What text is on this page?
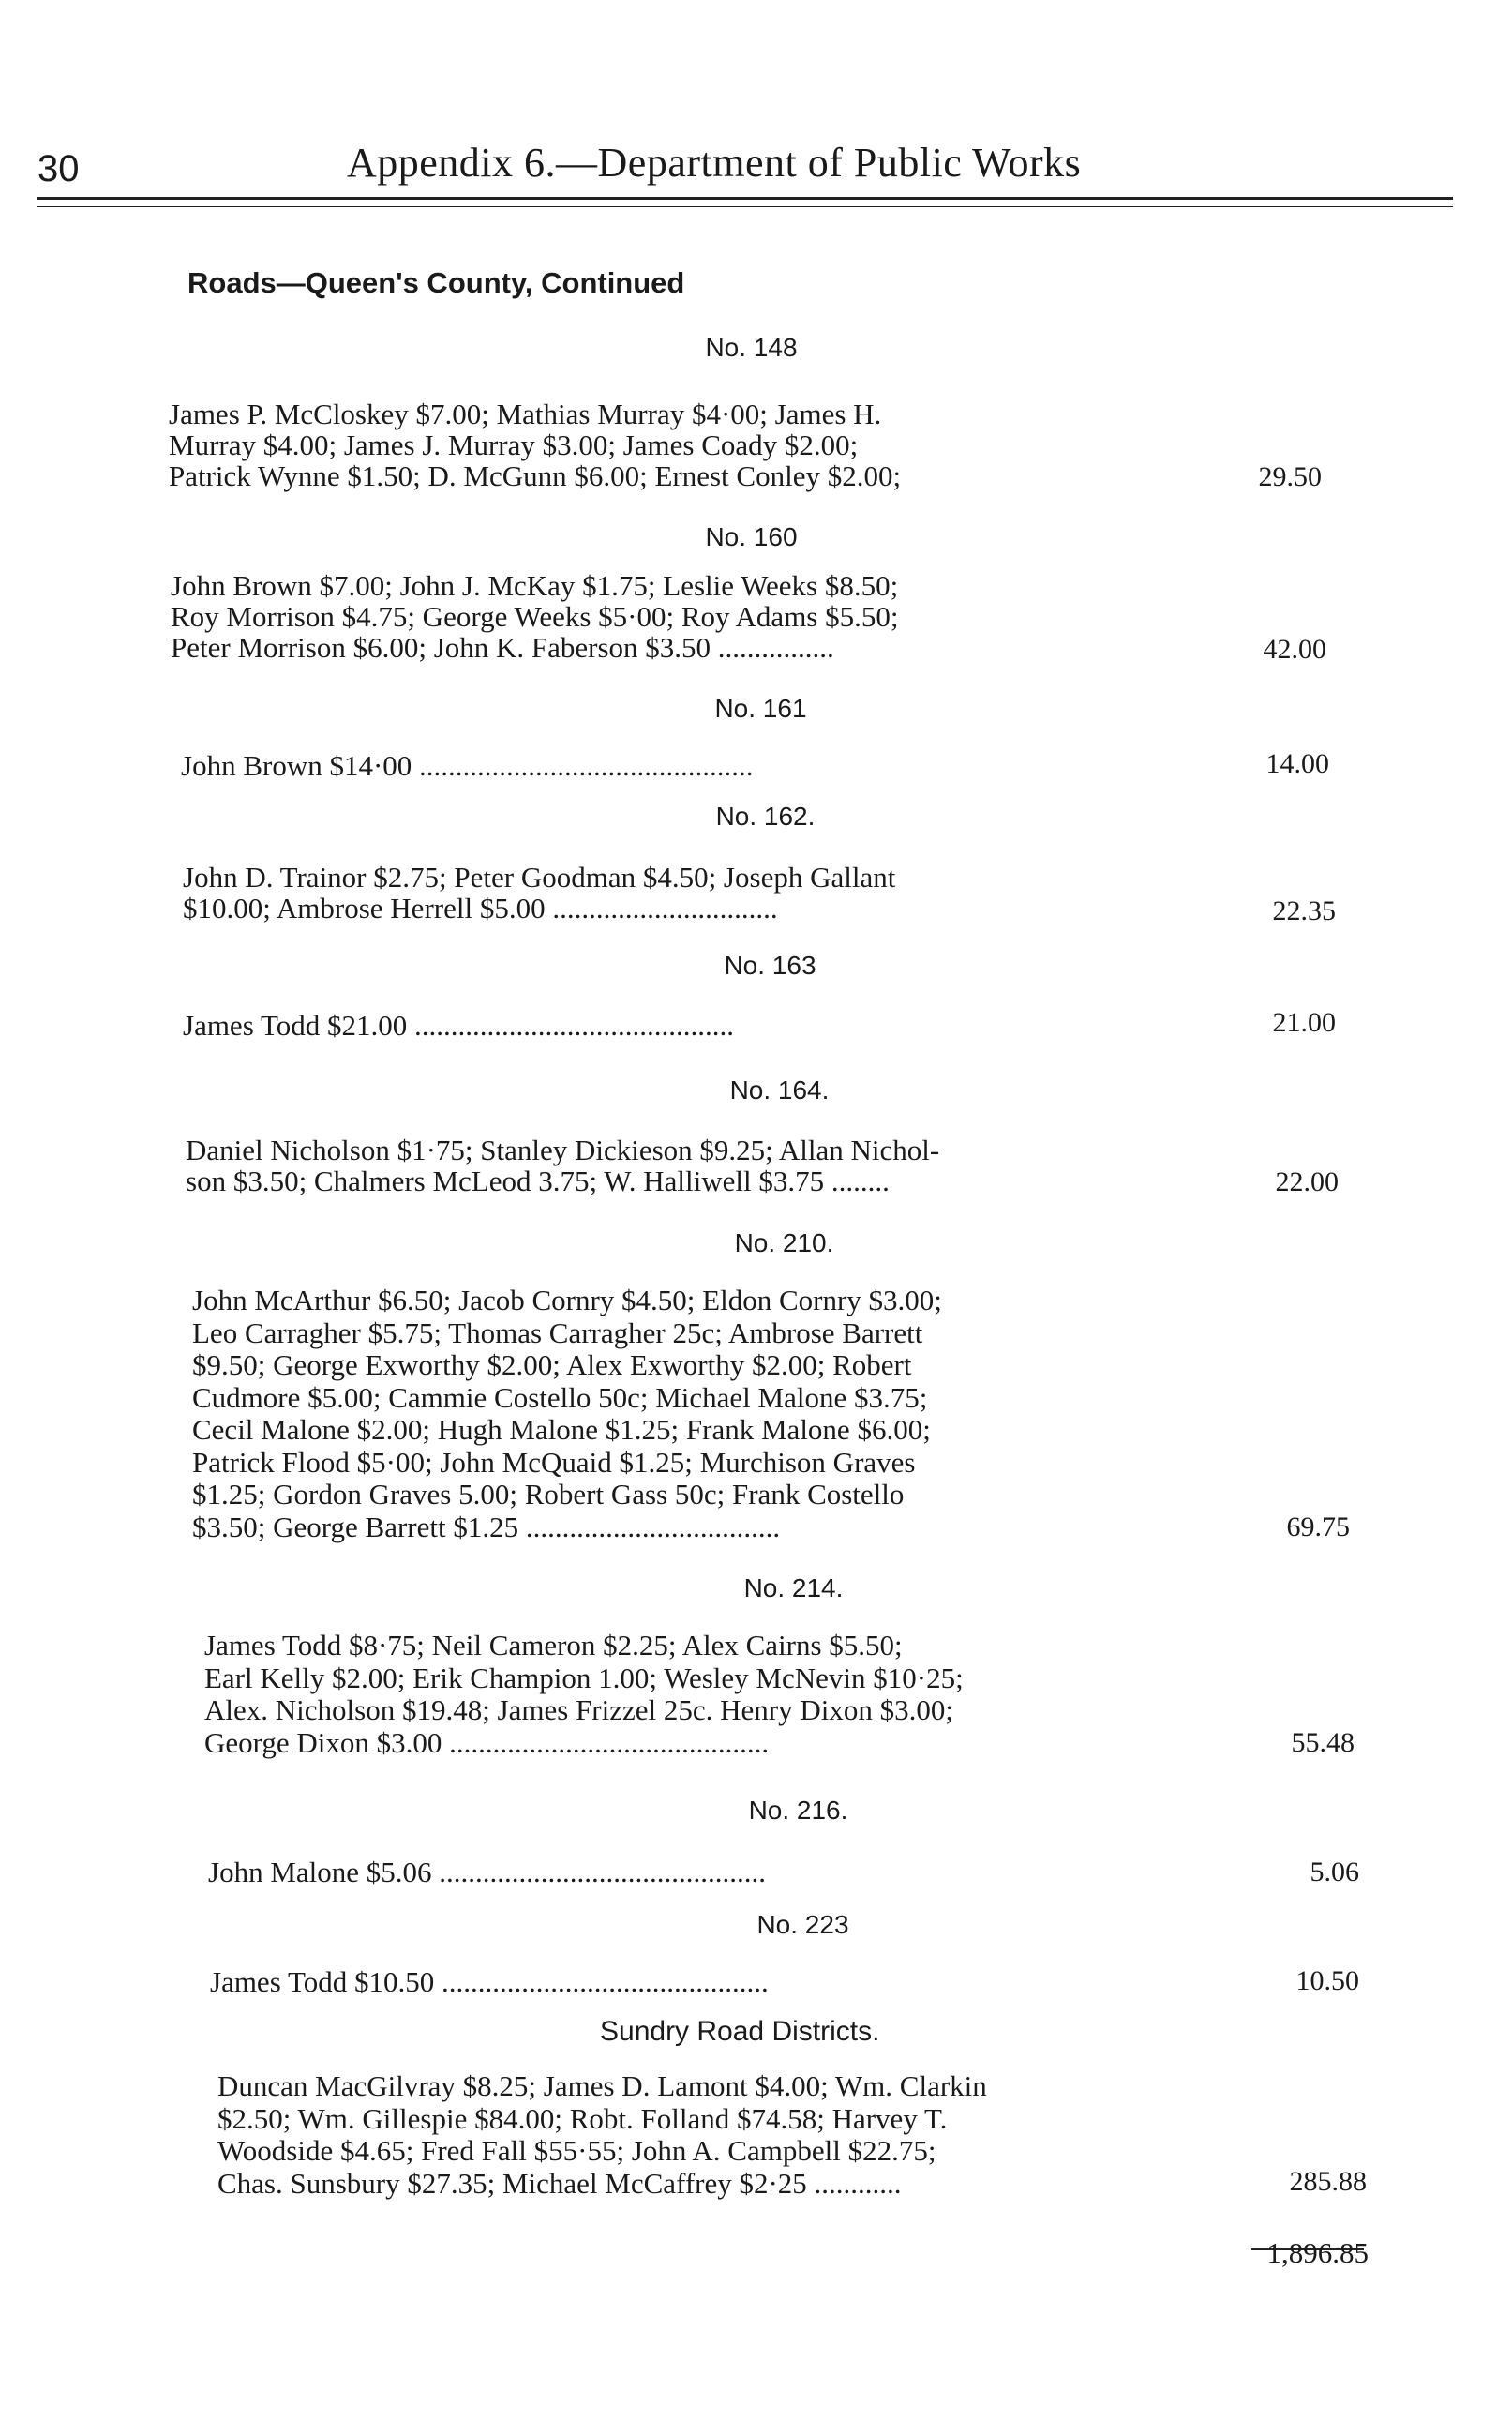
30	Appendix 6.—Department of Public Works
Roads—Queen's County, Continued
No. 148
James P. McCloskey $7.00; Mathias Murray $4·00; James H.
Murray $4.00; James J. Murray $3.00; James Coady $2.00;
Patrick Wynne $1.50; D. McGunn $6.00; Ernest Conley $2.00;	29.50
No. 160
John Brown $7.00; John J. McKay $1.75; Leslie Weeks $8.50;
Roy Morrison $4.75; George Weeks $5·00; Roy Adams $5.50;
Peter Morrison $6.00; John K. Faberson $3.50 ................	42.00
No. 161
John Brown $14·00 ..............................................	14.00
No. 162.
John D. Trainor $2.75; Peter Goodman $4.50; Joseph Gallant
$10.00; Ambrose Herrell $5.00 ...............................	22.35
No. 163
James Todd $21.00 ............................................	21.00
No. 164.
Daniel Nicholson $1·75; Stanley Dickieson $9.25; Allan Nichol-
son $3.50; Chalmers McLeod 3.75; W. Halliwell $3.75 ........	22.00
No. 210.
John McArthur $6.50; Jacob Cornry $4.50; Eldon Cornry $3.00;
Leo Carragher $5.75; Thomas Carragher 25c; Ambrose Barrett
$9.50; George Exworthy $2.00; Alex Exworthy $2.00; Robert
Cudmore $5.00; Cammie Costello 50c; Michael Malone $3.75;
Cecil Malone $2.00; Hugh Malone $1.25; Frank Malone $6.00;
Patrick Flood $5·00; John McQuaid $1.25; Murchison Graves
$1.25; Gordon Graves 5.00; Robert Gass 50c; Frank Costello
$3.50; George Barrett $1.25 ...................................	69.75
No. 214.
James Todd $8·75; Neil Cameron $2.25; Alex Cairns $5.50;
Earl Kelly $2.00; Erik Champion 1.00; Wesley McNevin $10·25;
Alex. Nicholson $19.48; James Frizzel 25c. Henry Dixon $3.00;
George Dixon $3.00 ............................................	55.48
No. 216.
John Malone $5.06 .............................................	5.06
No. 223
James Todd $10.50 .............................................	10.50
Sundry Road Districts.
Duncan MacGilvray $8.25; James D. Lamont $4.00; Wm. Clarkin
$2.50; Wm. Gillespie $84.00; Robt. Folland $74.58; Harvey T.
Woodside $4.65; Fred Fall $55·55; John A. Campbell $22.75;
Chas. Sunsbury $27.35; Michael McCaffrey $2·25 ............	285.88
1,896.85
